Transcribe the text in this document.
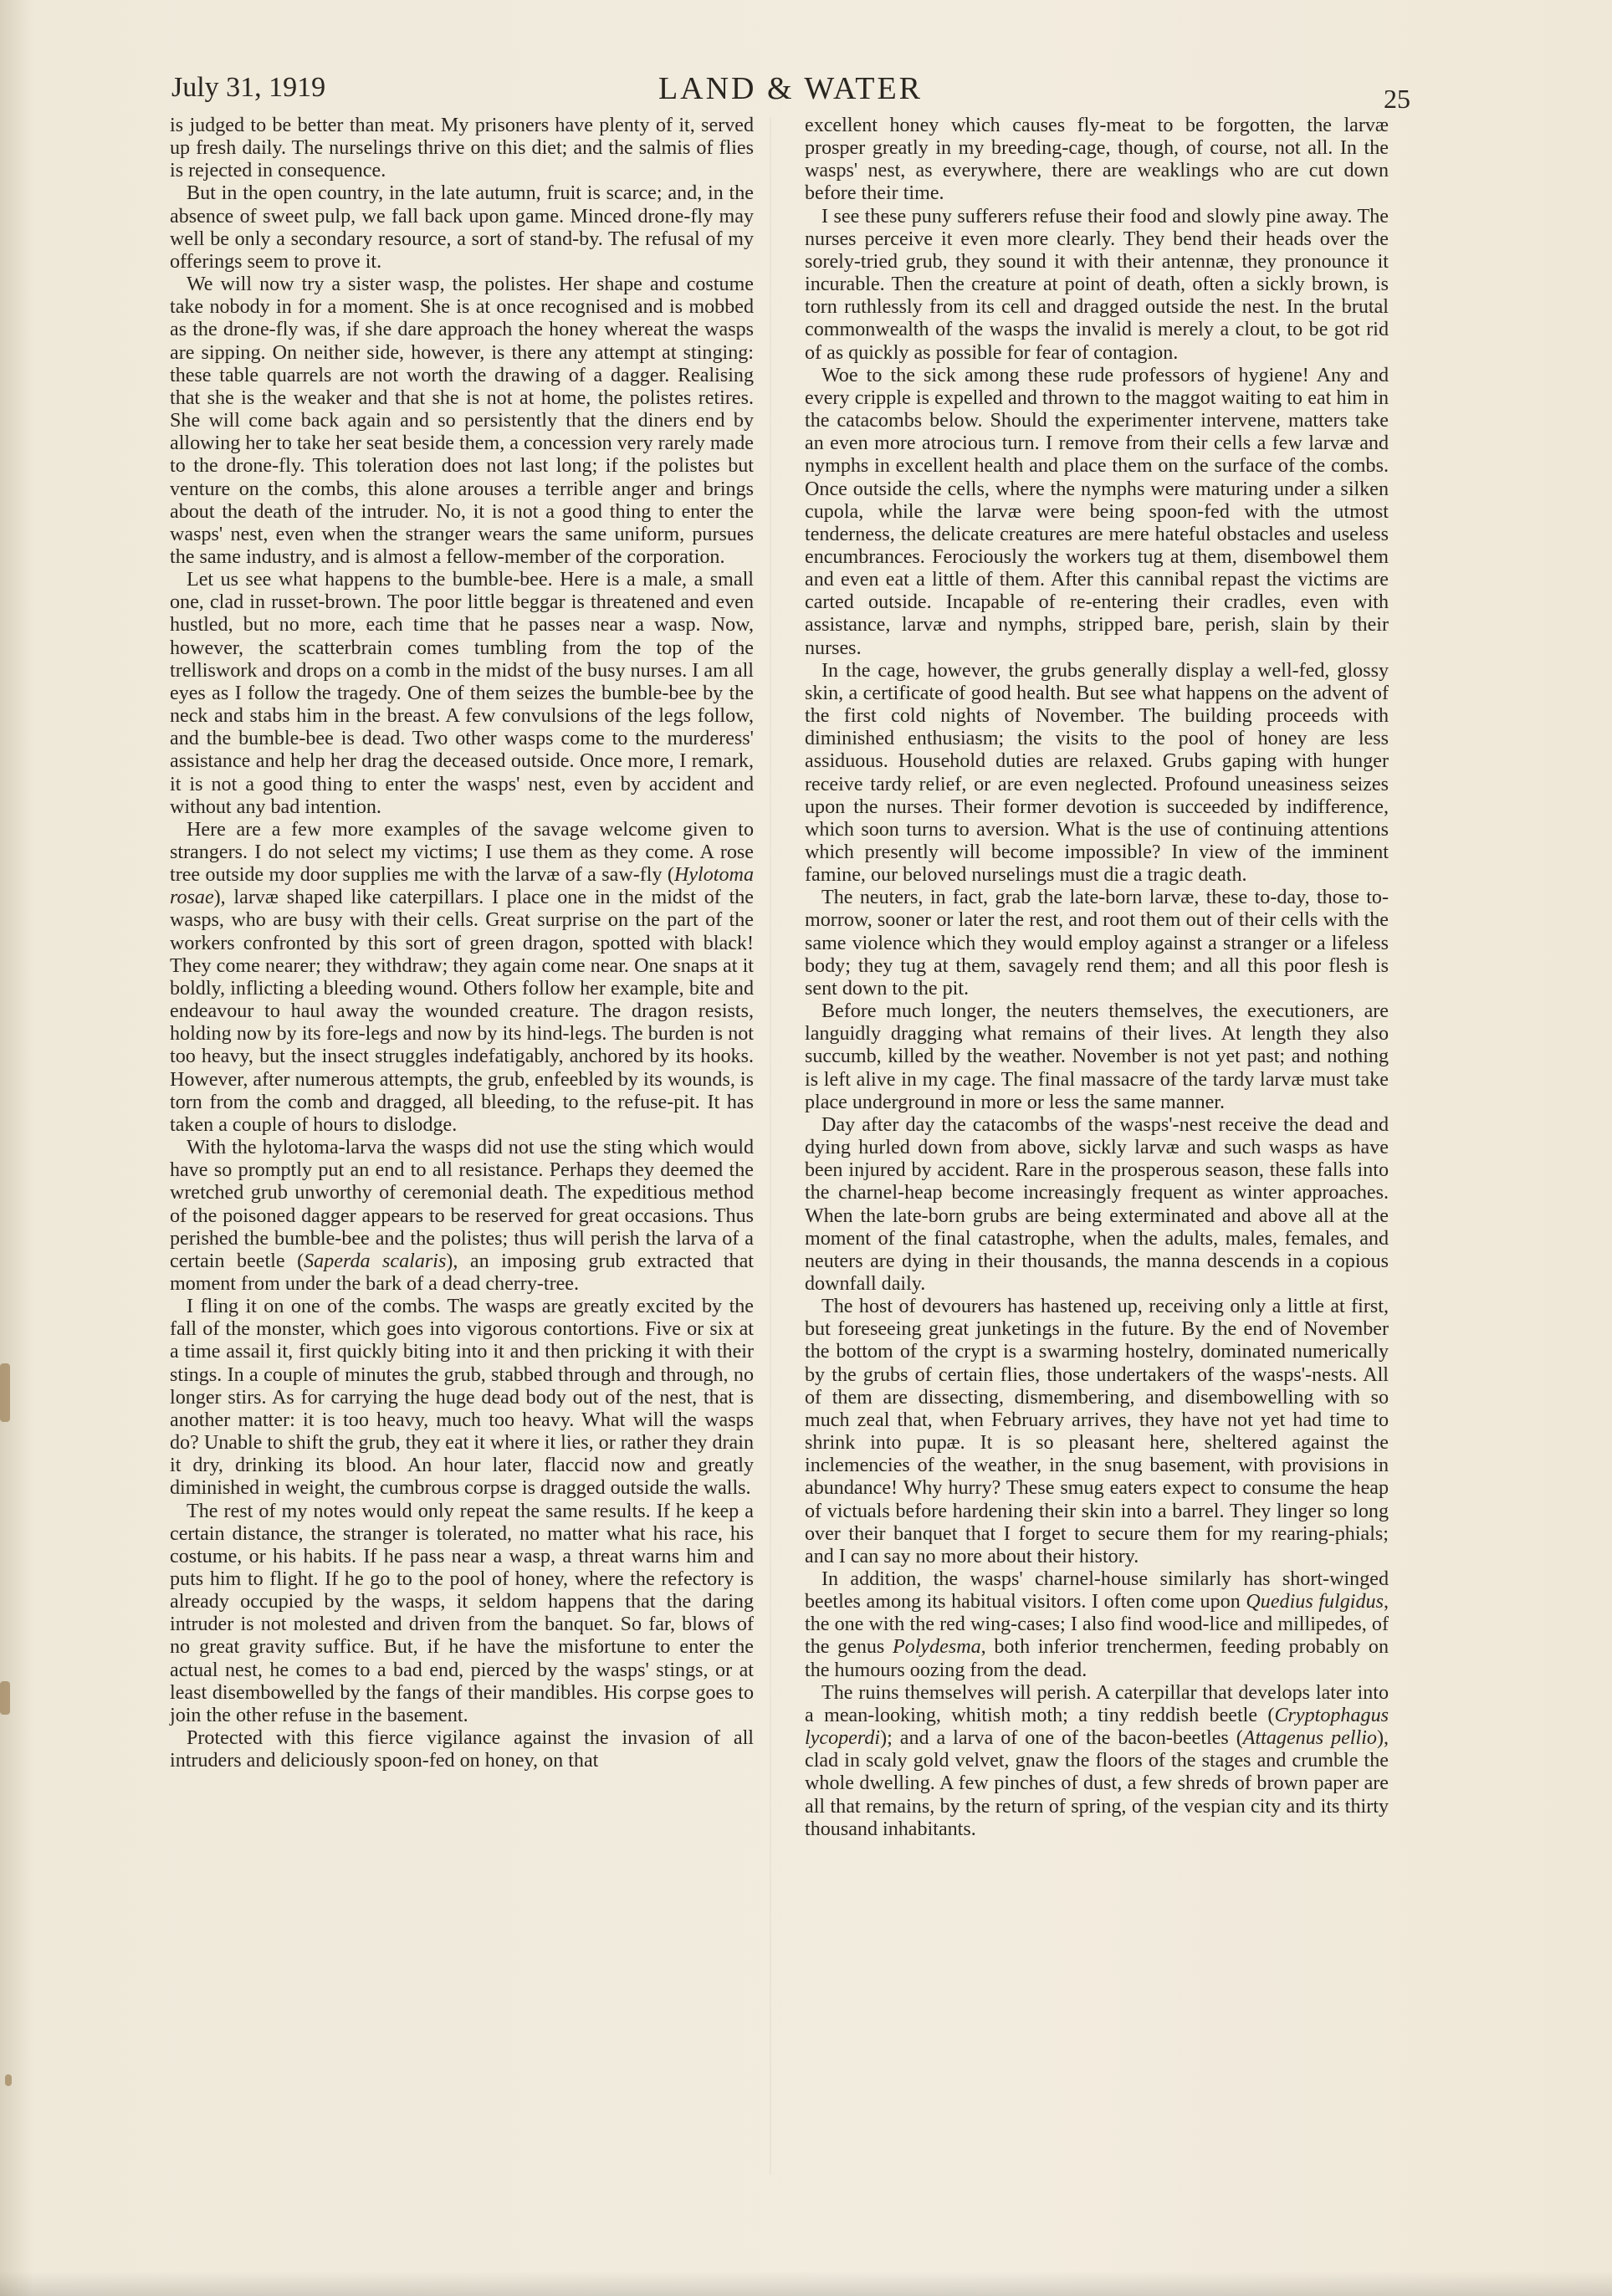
July 31, 1919	LAND & WATER	25

is judged to be better than meat. My prisoners have plenty of it, served up fresh daily. The nurselings thrive on this diet; and the salmis of flies is rejected in consequence.

But in the open country, in the late autumn, fruit is scarce; and, in the absence of sweet pulp, we fall back upon game. Minced drone-fly may well be only a secondary resource, a sort of stand-by. The refusal of my offerings seem to prove it.

We will now try a sister wasp, the polistes. Her shape and costume take nobody in for a moment. She is at once recognised and is mobbed as the drone-fly was, if she dare approach the honey whereat the wasps are sipping. On neither side, however, is there any attempt at stinging: these table quarrels are not worth the drawing of a dagger. Realising that she is the weaker and that she is not at home, the polistes retires. She will come back again and so persistently that the diners end by allowing her to take her seat beside them, a concession very rarely made to the drone-fly. This toleration does not last long; if the polistes but venture on the combs, this alone arouses a terrible anger and brings about the death of the intruder. No, it is not a good thing to enter the wasps' nest, even when the stranger wears the same uniform, pursues the same industry, and is almost a fellow-member of the corporation.

Let us see what happens to the bumble-bee. Here is a male, a small one, clad in russet-brown. The poor little beggar is threatened and even hustled, but no more, each time that he passes near a wasp. Now, however, the scatterbrain comes tumbling from the top of the trelliswork and drops on a comb in the midst of the busy nurses. I am all eyes as I follow the tragedy. One of them seizes the bumble-bee by the neck and stabs him in the breast. A few convulsions of the legs follow, and the bumble-bee is dead. Two other wasps come to the murderess' assistance and help her drag the deceased outside. Once more, I remark, it is not a good thing to enter the wasps' nest, even by accident and without any bad intention.

Here are a few more examples of the savage welcome given to strangers. I do not select my victims; I use them as they come. A rose tree outside my door supplies me with the larvæ of a saw-fly (Hylotoma rosae), larvæ shaped like caterpillars. I place one in the midst of the wasps, who are busy with their cells. Great surprise on the part of the workers confronted by this sort of green dragon, spotted with black! They come nearer; they withdraw; they again come near. One snaps at it boldly, inflicting a bleeding wound. Others follow her example, bite and endeavour to haul away the wounded creature. The dragon resists, holding now by its fore-legs and now by its hind-legs. The burden is not too heavy, but the insect struggles indefatigably, anchored by its hooks. However, after numerous attempts, the grub, enfeebled by its wounds, is torn from the comb and dragged, all bleeding, to the refuse-pit. It has taken a couple of hours to dislodge.

With the hylotoma-larva the wasps did not use the sting which would have so promptly put an end to all resistance. Perhaps they deemed the wretched grub unworthy of ceremonial death. The expeditious method of the poisoned dagger appears to be reserved for great occasions. Thus perished the bumble-bee and the polistes; thus will perish the larva of a certain beetle (Saperda scalaris), an imposing grub extracted that moment from under the bark of a dead cherry-tree.

I fling it on one of the combs. The wasps are greatly excited by the fall of the monster, which goes into vigorous contortions. Five or six at a time assail it, first quickly biting into it and then pricking it with their stings. In a couple of minutes the grub, stabbed through and through, no longer stirs. As for carrying the huge dead body out of the nest, that is another matter: it is too heavy, much too heavy. What will the wasps do? Unable to shift the grub, they eat it where it lies, or rather they drain it dry, drinking its blood. An hour later, flaccid now and greatly diminished in weight, the cumbrous corpse is dragged outside the walls.

The rest of my notes would only repeat the same results. If he keep a certain distance, the stranger is tolerated, no matter what his race, his costume, or his habits. If he pass near a wasp, a threat warns him and puts him to flight. If he go to the pool of honey, where the refectory is already occupied by the wasps, it seldom happens that the daring intruder is not molested and driven from the banquet. So far, blows of no great gravity suffice. But, if he have the misfortune to enter the actual nest, he comes to a bad end, pierced by the wasps' stings, or at least disembowelled by the fangs of their mandibles. His corpse goes to join the other refuse in the basement.

Protected with this fierce vigilance against the invasion of all intruders and deliciously spoon-fed on honey, on that

excellent honey which causes fly-meat to be forgotten, the larvæ prosper greatly in my breeding-cage, though, of course, not all. In the wasps' nest, as everywhere, there are weaklings who are cut down before their time.

I see these puny sufferers refuse their food and slowly pine away. The nurses perceive it even more clearly. They bend their heads over the sorely-tried grub, they sound it with their antennæ, they pronounce it incurable. Then the creature at point of death, often a sickly brown, is torn ruthlessly from its cell and dragged outside the nest. In the brutal commonwealth of the wasps the invalid is merely a clout, to be got rid of as quickly as possible for fear of contagion.

Woe to the sick among these rude professors of hygiene! Any and every cripple is expelled and thrown to the maggot waiting to eat him in the catacombs below. Should the experimenter intervene, matters take an even more atrocious turn. I remove from their cells a few larvæ and nymphs in excellent health and place them on the surface of the combs. Once outside the cells, where the nymphs were maturing under a silken cupola, while the larvæ were being spoon-fed with the utmost tenderness, the delicate creatures are mere hateful obstacles and useless encumbrances. Ferociously the workers tug at them, disembowel them and even eat a little of them. After this cannibal repast the victims are carted outside. Incapable of re-entering their cradles, even with assistance, larvæ and nymphs, stripped bare, perish, slain by their nurses.

In the cage, however, the grubs generally display a well-fed, glossy skin, a certificate of good health. But see what happens on the advent of the first cold nights of November. The building proceeds with diminished enthusiasm; the visits to the pool of honey are less assiduous. Household duties are relaxed. Grubs gaping with hunger receive tardy relief, or are even neglected. Profound uneasiness seizes upon the nurses. Their former devotion is succeeded by indifference, which soon turns to aversion. What is the use of continuing attentions which presently will become impossible? In view of the imminent famine, our beloved nurselings must die a tragic death.

The neuters, in fact, grab the late-born larvæ, these to-day, those to-morrow, sooner or later the rest, and root them out of their cells with the same violence which they would employ against a stranger or a lifeless body; they tug at them, savagely rend them; and all this poor flesh is sent down to the pit.

Before much longer, the neuters themselves, the executioners, are languidly dragging what remains of their lives. At length they also succumb, killed by the weather. November is not yet past; and nothing is left alive in my cage. The final massacre of the tardy larvæ must take place underground in more or less the same manner.

Day after day the catacombs of the wasps'-nest receive the dead and dying hurled down from above, sickly larvæ and such wasps as have been injured by accident. Rare in the prosperous season, these falls into the charnel-heap become increasingly frequent as winter approaches. When the late-born grubs are being exterminated and above all at the moment of the final catastrophe, when the adults, males, females, and neuters are dying in their thousands, the manna descends in a copious downfall daily.

The host of devourers has hastened up, receiving only a little at first, but foreseeing great junketings in the future. By the end of November the bottom of the crypt is a swarming hostelry, dominated numerically by the grubs of certain flies, those undertakers of the wasps'-nests. All of them are dissecting, dismembering, and disembowelling with so much zeal that, when February arrives, they have not yet had time to shrink into pupæ. It is so pleasant here, sheltered against the inclemencies of the weather, in the snug basement, with provisions in abundance! Why hurry? These smug eaters expect to consume the heap of victuals before hardening their skin into a barrel. They linger so long over their banquet that I forget to secure them for my rearing-phials; and I can say no more about their history.

In addition, the wasps' charnel-house similarly has short-winged beetles among its habitual visitors. I often come upon Quedius fulgidus, the one with the red wing-cases; I also find wood-lice and millipedes, of the genus Polydesma, both inferior trenchermen, feeding probably on the humours oozing from the dead.

The ruins themselves will perish. A caterpillar that develops later into a mean-looking, whitish moth; a tiny reddish beetle (Cryptophagus lycoperdi); and a larva of one of the bacon-beetles (Attagenus pellio), clad in scaly gold velvet, gnaw the floors of the stages and crumble the whole dwelling. A few pinches of dust, a few shreds of brown paper are all that remains, by the return of spring, of the vespian city and its thirty thousand inhabitants.
